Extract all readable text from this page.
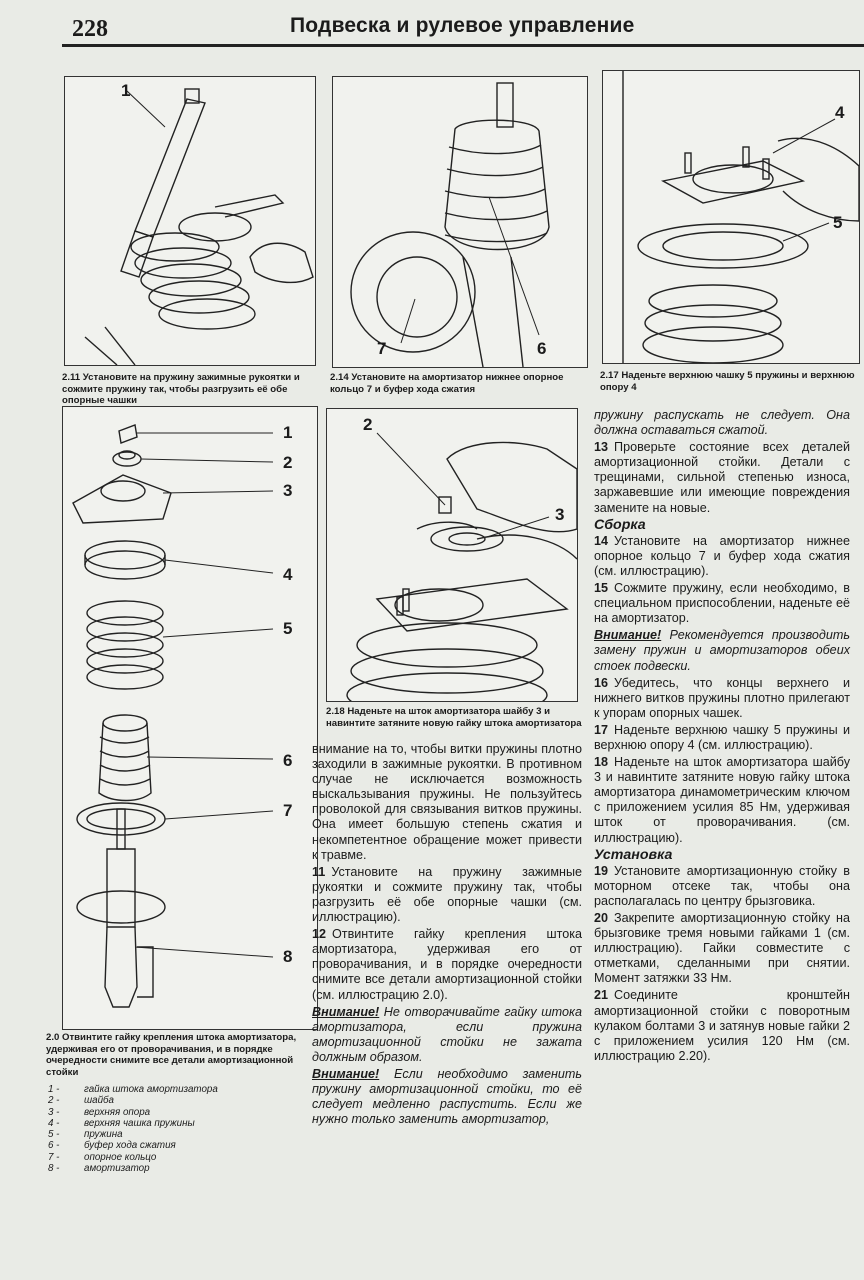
228	Подвеска и рулевое управление
1
2.11 Установите на пружину зажимные рукоятки и сожмите пружину так, чтобы разгрузить её обе опорные чашки
7	6
2.14 Установите на амортизатор нижнее опорное кольцо 7 и буфер хода сжатия
4
5
2.17 Наденьте верхнюю чашку 5 пружины и верхнюю опору 4
1
2
3
4
5
6
7
8
2.0 Отвинтите гайку крепления штока амортизатора, удерживая его от проворачивания, и в порядке очередности снимите все детали амортизационной стойки
1 -	гайка штока амортизатора
2 -	шайба
3 -	верхняя опора
4 -	верхняя чашка пружины
5 -	пружина
6 -	буфер хода сжатия
7 -	опорное кольцо
8 -	амортизатор
2
3
2.18 Наденьте на шток амортизатора шайбу 3 и навинтите затяните новую гайку штока амортизатора

внимание на то, чтобы витки пружины плотно заходили в зажимные рукоятки. В противном случае не исключается возможность выскальзывания пружины. Не пользуйтесь проволокой для связывания витков пружины. Она имеет большую степень сжатия и некомпетентное обращение может привести к травме.

11 Установите на пружину зажимные рукоятки и сожмите пружину так, чтобы разгрузить её обе опорные чашки (см. иллюстрацию).

12 Отвинтите гайку крепления штока амортизатора, удерживая его от проворачивания, и в порядке очередности снимите все детали амортизационной стойки (см. иллюстрацию 2.0).

Внимание! Не отворачивайте гайку штока амортизатора, если пружина амортизационной стойки не зажата должным образом.

Внимание! Если необходимо заменить пружину амортизационной стойки, то её следует медленно распустить. Если же нужно только заменить амортизатор,

пружину распускать не следует. Она должна оставаться сжатой.

13 Проверьте состояние всех деталей амортизационной стойки. Детали с трещинами, сильной степенью износа, заржавевшие или имеющие повреждения замените на новые.

Сборка

14 Установите на амортизатор нижнее опорное кольцо 7 и буфер хода сжатия (см. иллюстрацию).

15 Сожмите пружину, если необходимо, в специальном приспособлении, наденьте её на амортизатор.

Внимание! Рекомендуется производить замену пружин и амортизаторов обеих стоек подвески.

16 Убедитесь, что концы верхнего и нижнего витков пружины плотно прилегают к упорам опорных чашек.

17 Наденьте верхнюю чашку 5 пружины и верхнюю опору 4 (см. иллюстрацию).

18 Наденьте на шток амортизатора шайбу 3 и навинтите затяните новую гайку штока амортизатора динамометрическим ключом с приложением усилия 85 Нм, удерживая шток от проворачивания. (см. иллюстрацию).

Установка

19 Установите амортизационную стойку в моторном отсеке так, чтобы она располагалась по центру брызговика.

20 Закрепите амортизационную стойку на брызговике тремя новыми гайками 1 (см. иллюстрацию). Гайки совместите с отметками, сделанными при снятии. Момент затяжки 33 Нм.

21 Соедините кронштейн амортизационной стойки с поворотным кулаком болтами 3 и затянув новые гайки 2 с приложением усилия 120 Нм (см. иллюстрацию 2.20).
